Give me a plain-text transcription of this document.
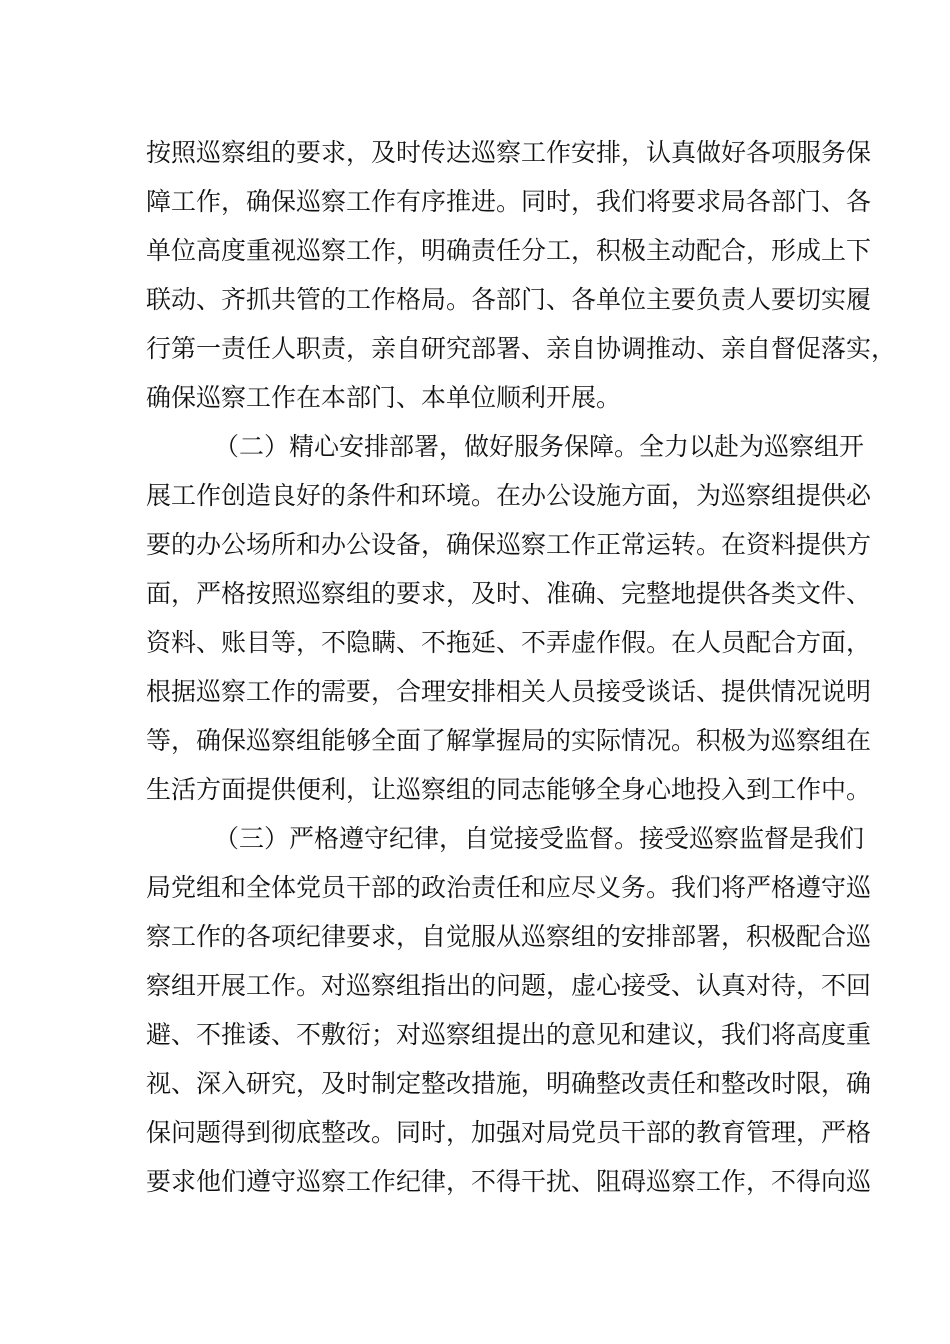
按照巡察组的要求，及时传达巡察工作安排，认真做好各项服务保
障工作，确保巡察工作有序推进。同时，我们将要求局各部门、各
单位高度重视巡察工作，明确责任分工，积极主动配合，形成上下
联动、齐抓共管的工作格局。各部门、各单位主要负责人要切实履
行第一责任人职责，亲自研究部署、亲自协调推动、亲自督促落实，
确保巡察工作在本部门、本单位顺利开展。
（二）精心安排部署，做好服务保障。全力以赴为巡察组开
展工作创造良好的条件和环境。在办公设施方面，为巡察组提供必
要的办公场所和办公设备，确保巡察工作正常运转。在资料提供方
面，严格按照巡察组的要求，及时、准确、完整地提供各类文件、
资料、账目等，不隐瞒、不拖延、不弄虚作假。在人员配合方面，
根据巡察工作的需要，合理安排相关人员接受谈话、提供情况说明
等，确保巡察组能够全面了解掌握局的实际情况。积极为巡察组在
生活方面提供便利，让巡察组的同志能够全身心地投入到工作中。
（三）严格遵守纪律，自觉接受监督。接受巡察监督是我们
局党组和全体党员干部的政治责任和应尽义务。我们将严格遵守巡
察工作的各项纪律要求，自觉服从巡察组的安排部署，积极配合巡
察组开展工作。对巡察组指出的问题，虚心接受、认真对待，不回
避、不推诿、不敷衍；对巡察组提出的意见和建议，我们将高度重
视、深入研究，及时制定整改措施，明确整改责任和整改时限，确
保问题得到彻底整改。同时，加强对局党员干部的教育管理，严格
要求他们遵守巡察工作纪律，不得干扰、阻碍巡察工作，不得向巡
